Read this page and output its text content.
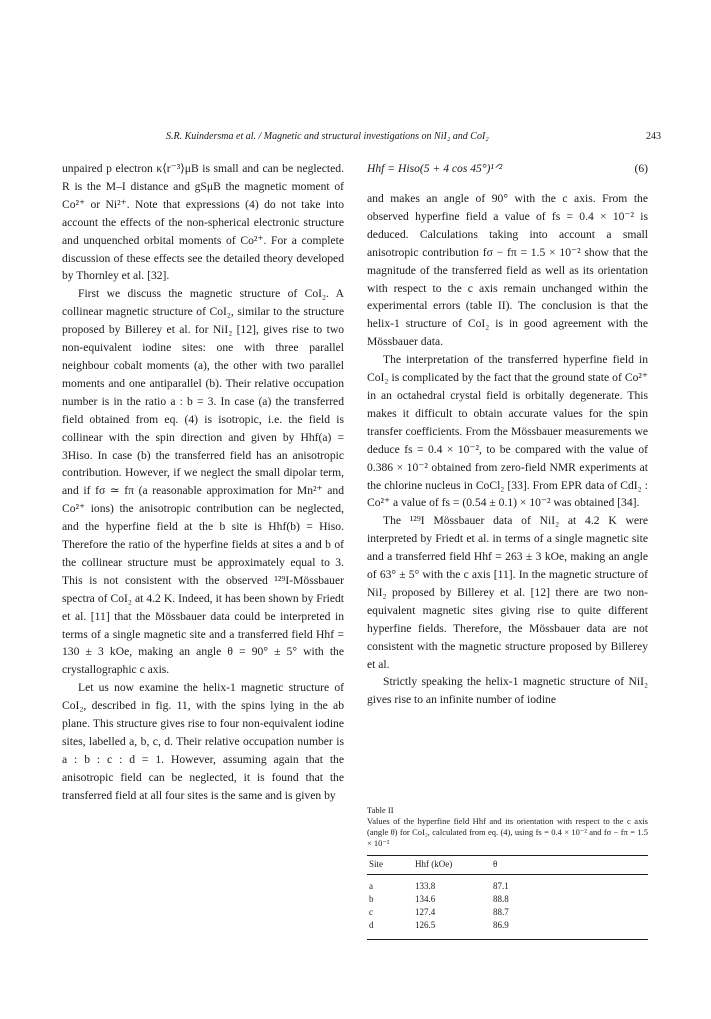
S.R. Kuindersma et al. / Magnetic and structural investigations on NiI₂ and CoI₂	243

unpaired p electron κ⟨r⁻³⟩μB is small and can be neglected. R is the M–I distance and gSμB the magnetic moment of Co²⁺ or Ni²⁺. Note that expressions (4) do not take into account the effects of the non-spherical electronic structure and unquenched orbital moments of Co²⁺. For a complete discussion of these effects see the detailed theory developed by Thornley et al. [32].

First we discuss the magnetic structure of CoI₂. A collinear magnetic structure of CoI₂, similar to the structure proposed by Billerey et al. for NiI₂ [12], gives rise to two non-equivalent iodine sites: one with three parallel neighbour cobalt moments (a), the other with two parallel moments and one antiparallel (b). Their relative occupation number is in the ratio a : b = 3. In case (a) the transferred field obtained from eq. (4) is isotropic, i.e. the field is collinear with the spin direction and given by Hhf(a) = 3Hiso. In case (b) the transferred field has an anisotropic contribution. However, if we neglect the small dipolar term, and if fσ ≃ fπ (a reasonable approximation for Mn²⁺ and Co²⁺ ions) the anisotropic contribution can be neglected, and the hyperfine field at the b site is Hhf(b) = Hiso. Therefore the ratio of the hyperfine fields at sites a and b of the collinear structure must be approximately equal to 3. This is not consistent with the observed ¹²⁹I-Mössbauer spectra of CoI₂ at 4.2 K. Indeed, it has been shown by Friedt et al. [11] that the Mössbauer data could be interpreted in terms of a single magnetic site and a transferred field Hhf = 130 ± 3 kOe, making an angle θ = 90° ± 5° with the crystallographic c axis.

Let us now examine the helix-1 magnetic structure of CoI₂, described in fig. 11, with the spins lying in the ab plane. This structure gives rise to four non-equivalent iodine sites, labelled a, b, c, d. Their relative occupation number is a : b : c : d = 1. However, assuming again that the anisotropic field can be neglected, it is found that the transferred field at all four sites is the same and is given by

Hhf = Hiso(5 + 4 cos 45°)¹ᐟ²	(6)

and makes an angle of 90° with the c axis. From the observed hyperfine field a value of fs = 0.4 × 10⁻² is deduced. Calculations taking into account a small anisotropic contribution fσ − fπ = 1.5 × 10⁻² show that the magnitude of the transferred field as well as its orientation with respect to the c axis remain unchanged within the experimental errors (table II). The conclusion is that the helix-1 structure of CoI₂ is in good agreement with the Mössbauer data.

The interpretation of the transferred hyperfine field in CoI₂ is complicated by the fact that the ground state of Co²⁺ in an octahedral crystal field is orbitally degenerate. This makes it difficult to obtain accurate values for the spin transfer coefficients. From the Mössbauer measurements we deduce fs = 0.4 × 10⁻², to be compared with the value of 0.386 × 10⁻² obtained from zero-field NMR experiments at the chlorine nucleus in CoCl₂ [33]. From EPR data of CdI₂ : Co²⁺ a value of fs = (0.54 ± 0.1) × 10⁻² was obtained [34].

The ¹²⁹I Mössbauer data of NiI₂ at 4.2 K were interpreted by Friedt et al. in terms of a single magnetic site and a transferred field Hhf = 263 ± 3 kOe, making an angle of 63° ± 5° with the c axis [11]. In the magnetic structure of NiI₂ proposed by Billerey et al. [12] there are two non-equivalent magnetic sites giving rise to quite different hyperfine fields. Therefore, the Mössbauer data are not consistent with the magnetic structure proposed by Billerey et al.

Strictly speaking the helix-1 magnetic structure of NiI₂ gives rise to an infinite number of iodine

Table II

Values of the hyperfine field Hhf and its orientation with respect to the c axis (angle θ) for CoI₂, calculated from eq. (4), using fs = 0.4 × 10⁻² and fσ − fπ = 1.5 × 10⁻²

Site	Hhf (kOe)	θ
a	133.8	87.1
b	134.6	88.8
c	127.4	88.7
d	126.5	86.9
